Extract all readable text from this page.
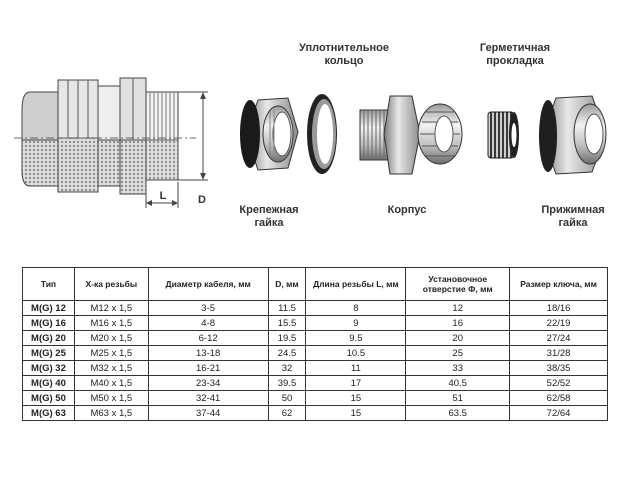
D
L
Уплотнительное
кольцо
Герметичная
прокладка
Крепежная
гайка
Корпус	Прижимная
гайка
Тип	Х-ка резьбы	Диаметр кабеля, мм	D, мм	Длина резьбы L, мм	Установочное отверстие Ф, мм	Размер ключа, мм
M(G) 12	M12 x 1,5	3-5	11.5	8	12	18/16
M(G) 16	M16 x 1,5	4-8	15.5	9	16	22/19
M(G) 20	M20 x 1,5	6-12	19.5	9.5	20	27/24
M(G) 25	M25 x 1,5	13-18	24.5	10.5	25	31/28
M(G) 32	M32 x 1,5	16-21	32	11	33	38/35
M(G) 40	M40 x 1,5	23-34	39.5	17	40.5	52/52
M(G) 50	M50 x 1,5	32-41	50	15	51	62/58
M(G) 63	M63 x 1,5	37-44	62	15	63.5	72/64
